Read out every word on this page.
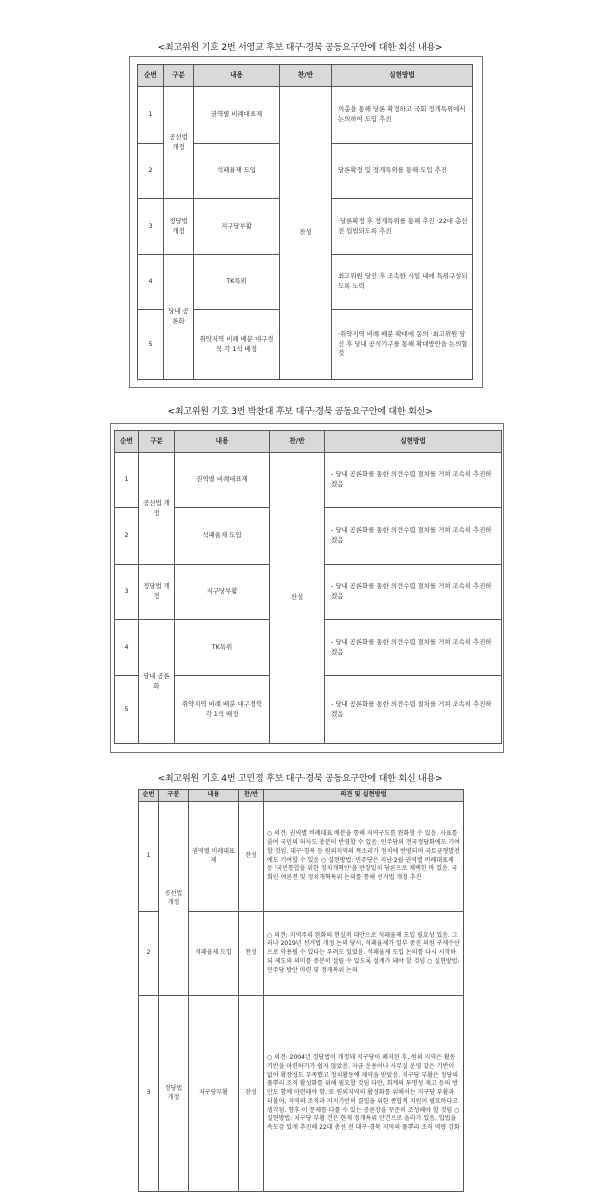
<최고위원 기호 2번 서영교 후보 대구·경북 공동요구안에 대한 회신 내용>
순번	구분	내용	찬/반	실현방법
1	공선법 개정	권역별 비례대표제	찬성	의총을 통해 당론 확정하고 국회 정개특위에서 논의하여 도입 추진
2		석패율제 도입		당론확정 및 정개특위를 통해 도입 추진
3	정당법 개정	지구당부활		·당론확정 후 정개특위를 통해 추진 ·22대 총선 전 입법되도록 추진
4	당내 공론화	TK특위		최고위원 당선 후 조속한 시일 내에 특위구성되도록 노력
5		취약지역 비례 배분 대구경북 각 1석 배정		·취약지역 비례 배분 확대에 동의 ·최고위원 당선 후 당내 공식기구를 통해 확대방안을 논의할 것
<최고위원 기호 3번 박찬대 후보 대구·경북 공동요구안에 대한 회신>
순번	구분	내용	찬/반	실현방법
1	공선법 개정	권역별 비례대표제	찬성	- 당내 공론화를 통한 의견수렴 절차를 거쳐 조속히 추진하겠음
2		석패율제 도입		- 당내 공론화를 통한 의견수렴 절차를 거쳐 조속히 추진하겠음
3	정당법 개정	지구당부활		- 당내 공론화를 통한 의견수렴 절차를 거쳐 조속히 추진하겠음
4	당내 공론화	TK특위		- 당내 공론화를 통한 의견수렴 절차를 거쳐 조속히 추진하겠음
5		취약지역 비례 배분 대구경북 각 1석 배정		- 당내 공론화를 통한 의견수렴 절차를 거쳐 조속히 추진하겠음
<최고위원 기호 4번 고민정 후보 대구·경북 공동요구안에 대한 회신 내용>
순번	구분	내용	찬/반	의견 및 실현방법
1	공선법 개정	권역별 비례대표제	찬성	○ 의견: 권역별 비례대표 배분을 통해 지역구도를 완화할 수 있음. 사표를 줄여 국민의 의사도 충분히 반영할 수 있음. 민주당의 전국정당화에도 기여할 것임. 대구·경북 등 원외지역의 목소리가 정치에 반영되며 국토균형발전에도 기여할 수 있음 ○ 실현방법: 민주당은 지난 2월 권역별 비례대표제 등 '국민통합을 위한 정치개혁안'을 만장일치 당론으로 채택한 바 있음. 국회인 여론전 및 정치개혁특위 논의를 통해 선거법 개정 추진
2		석패율제 도입	찬성	○ 의견: 지역주의 완화의 현실적 대안으로 석패율제 도입 필요성 있음. 그러나 2019년 선거법 개정 논의 당시, 석패율제가 일부 중진 의원 구제수단으로 악용될 수 있다는 우려도 있었음. 석패율제 도입 논의를 다시 시작하되 제도의 의미를 충분히 살릴 수 있도록 설계가 돼야 할 것임 ○ 실현방법: 민주당 방안 마련 및 정개특위 논의
3	정당법 개정	지구당부활	찬성	○ 의견: 2004년 정당법이 개정돼 지구당이 폐지된 후, 원외 지역은 활동 기반을 마련하기가 쉽지 않았음. 자금 운용이나 사무실 운영 같은 기반이 없어 확장성도 부족했고 정치활동에 제약을 받았음. 지구당 부활은 정당의 풀뿌리 조직 활성화를 위해 필요할 것임 다만, 회계의 투명성 제고 등의 방안도 함께 마련돼야 함. 또 원외지역의 활성화를 위해서는 지구당 부활과 더불어, 지역의 조직과 지지기반의 결집을 위한 종합적 지원이 필요하다고 생각됨. 향후 이 문제를 다룰 수 있는 공론장을 꾸준히 조성해야 할 것임 ○ 실현방법: 지구당 부활 건은 현재 정개특위 안건으로 올라가 있음. 입법을 속도감 있게 추진해 22대 총선 전 대구·경북 지역의 풀뿌리 조직 역량 강화
